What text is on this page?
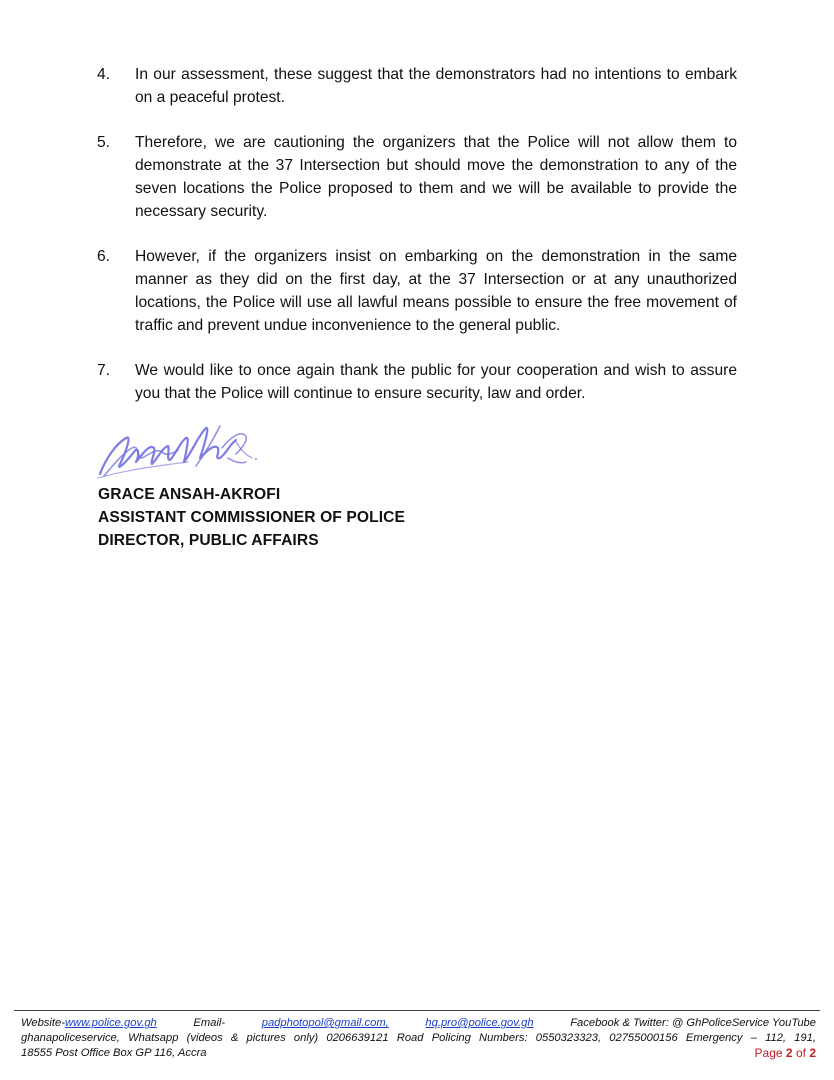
4. In our assessment, these suggest that the demonstrators had no intentions to embark on a peaceful protest.
5. Therefore, we are cautioning the organizers that the Police will not allow them to demonstrate at the 37 Intersection but should move the demonstration to any of the seven locations the Police proposed to them and we will be available to provide the necessary security.
6. However, if the organizers insist on embarking on the demonstration in the same manner as they did on the first day, at the 37 Intersection or at any unauthorized locations, the Police will use all lawful means possible to ensure the free movement of traffic and prevent undue inconvenience to the general public.
7. We would like to once again thank the public for your cooperation and wish to assure you that the Police will continue to ensure security, law and order.
GRACE ANSAH-AKROFI
ASSISTANT COMMISSIONER OF POLICE
DIRECTOR, PUBLIC AFFAIRS
Website-www.police.gov.gh	Email-	padphotopol@gmail.com,	hq.pro@police.gov.gh	Facebook & Twitter: @ GhPoliceService YouTube
ghanapoliceservice, Whatsapp (videos & pictures only) 0206639121 Road Policing Numbers: 0550323323, 02755000156 Emergency – 112, 191,
18555 Post Office Box GP 116, Accra	Page 2 of 2
